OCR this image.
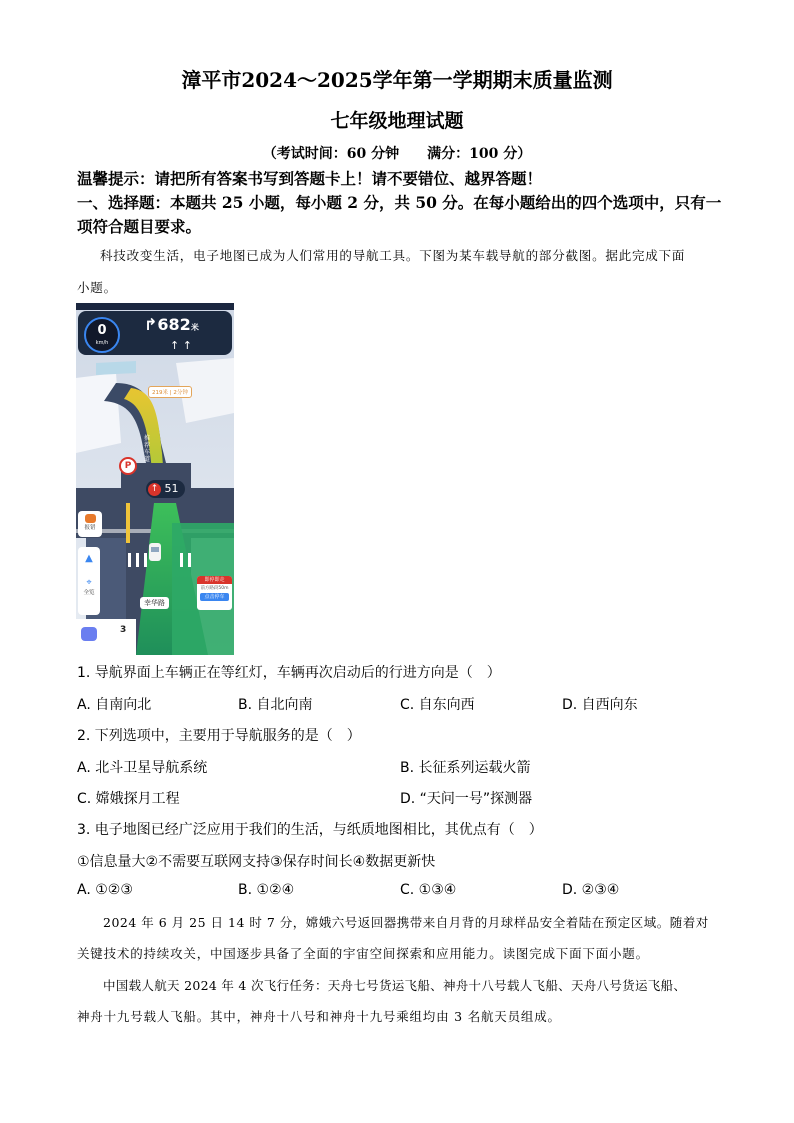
漳平市2024～2025学年第一学期期末质量监测
七年级地理试题
（考试时间：60 分钟　　满分：100 分）
温馨提示：请把所有答案书写到答题卡上！请不要错位、越界答题！
一、选择题：本题共 25 小题，每小题 2 分，共 50 分。在每小题给出的四个选项中，只有一
项符合题目要求。
科技改变生活，电子地图已成为人们常用的导航工具。下图为某车载导航的部分截图。据此完成下面
小题。
0
km/h
↱682米
↑ ↑
219米 | 2分钟
推荐车道
P
↑ 51
报错
▲
⌖
全览
幸华路
即停即走
前方路段50m
点击停车
3
1. 导航界面上车辆正在等红灯，车辆再次启动后的行进方向是（　）
A. 自南向北	B. 自北向南	C. 自东向西	D. 自西向东
2. 下列选项中，主要用于导航服务的是（　）
A. 北斗卫星导航系统	B. 长征系列运载火箭
C. 嫦娥探月工程	D. “天问一号”探测器
3. 电子地图已经广泛应用于我们的生活，与纸质地图相比，其优点有（　）
①信息量大②不需要互联网支持③保存时间长④数据更新快
A. ①②③	B. ①②④	C. ①③④	D. ②③④
2024 年 6 月 25 日 14 时 7 分，嫦娥六号返回器携带来自月背的月球样品安全着陆在预定区域。随着对
关键技术的持续攻关，中国逐步具备了全面的宇宙空间探索和应用能力。读图完成下面下面小题。
中国载人航天 2024 年 4 次飞行任务：天舟七号货运飞船、神舟十八号载人飞船、天舟八号货运飞船、
神舟十九号载人飞船。其中，神舟十八号和神舟十九号乘组均由 3 名航天员组成。
